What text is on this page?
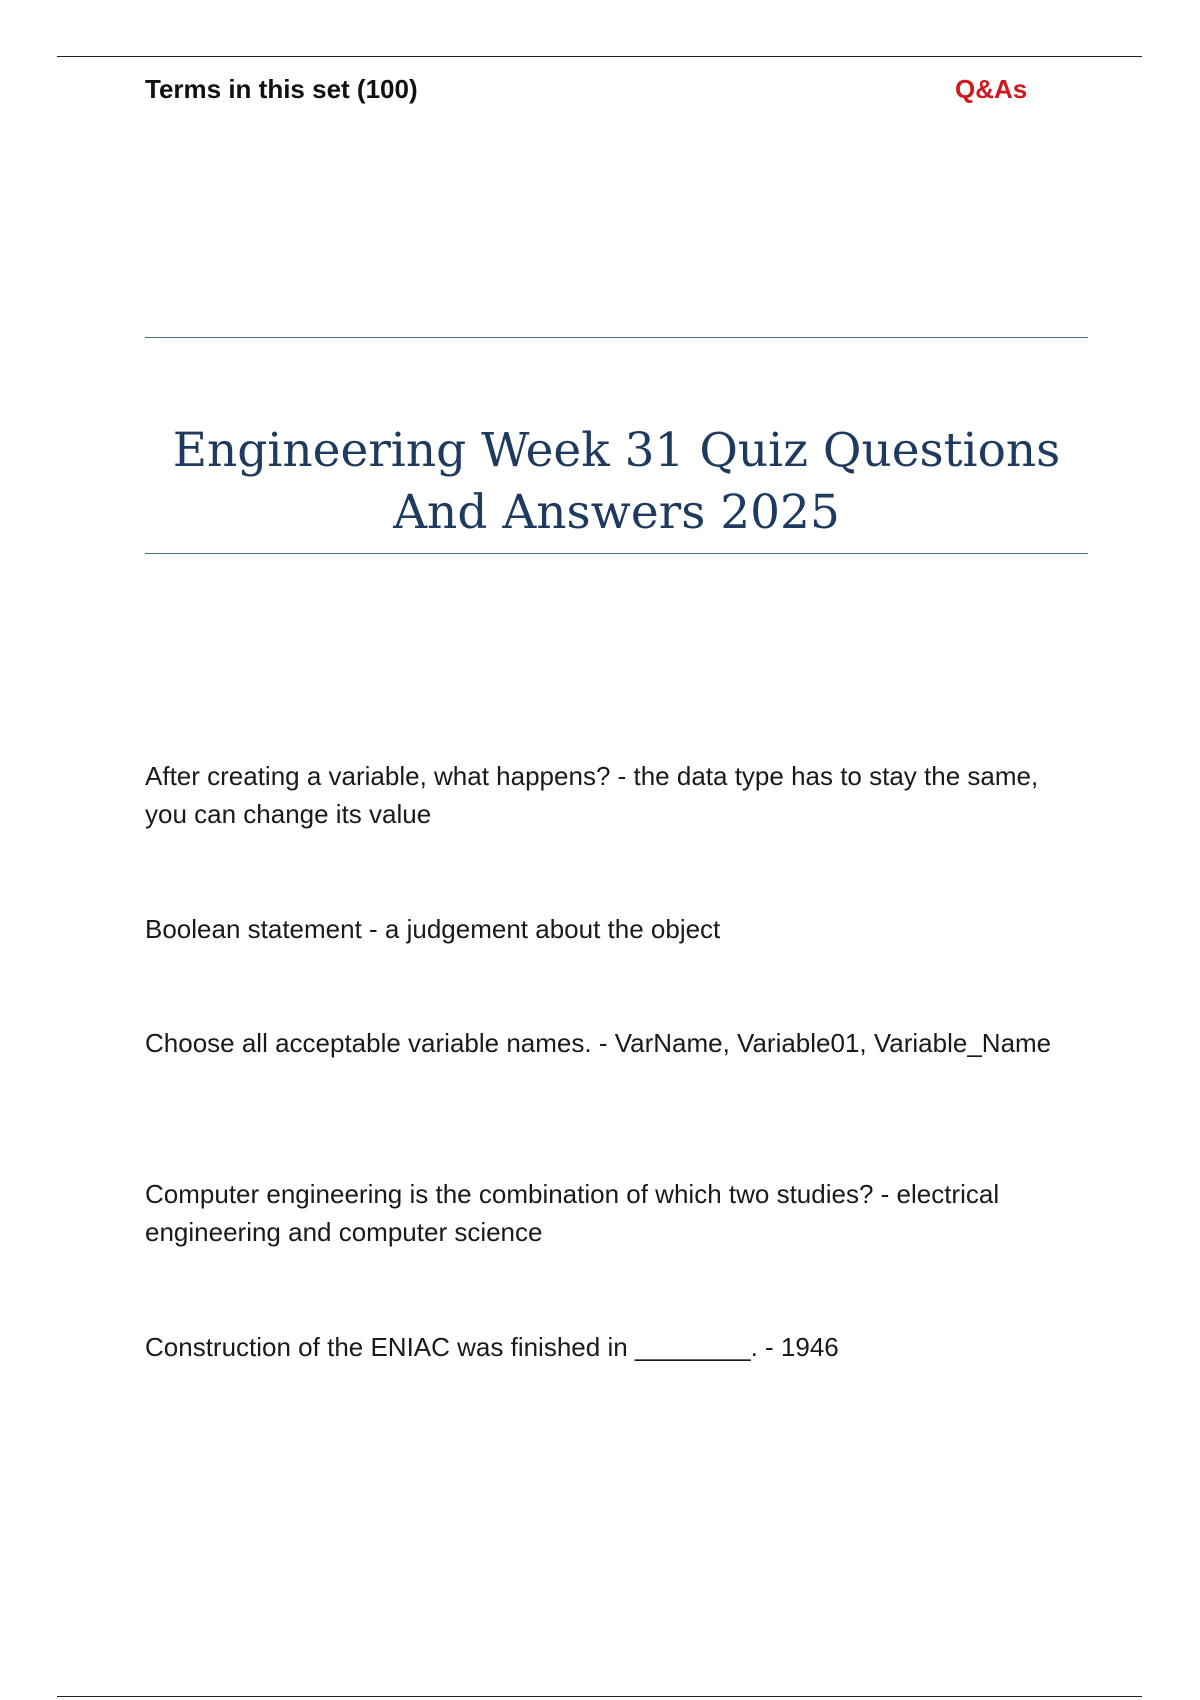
Terms in this set (100)	Q&As
Engineering Week 31 Quiz Questions
And Answers 2025
After creating a variable, what happens? - the data type has to stay the same, you can change its value
Boolean statement - a judgement about the object
Choose all acceptable variable names. - VarName, Variable01, Variable_Name
Computer engineering is the combination of which two studies? - electrical engineering and computer science
Construction of the ENIAC was finished in ________. - 1946
